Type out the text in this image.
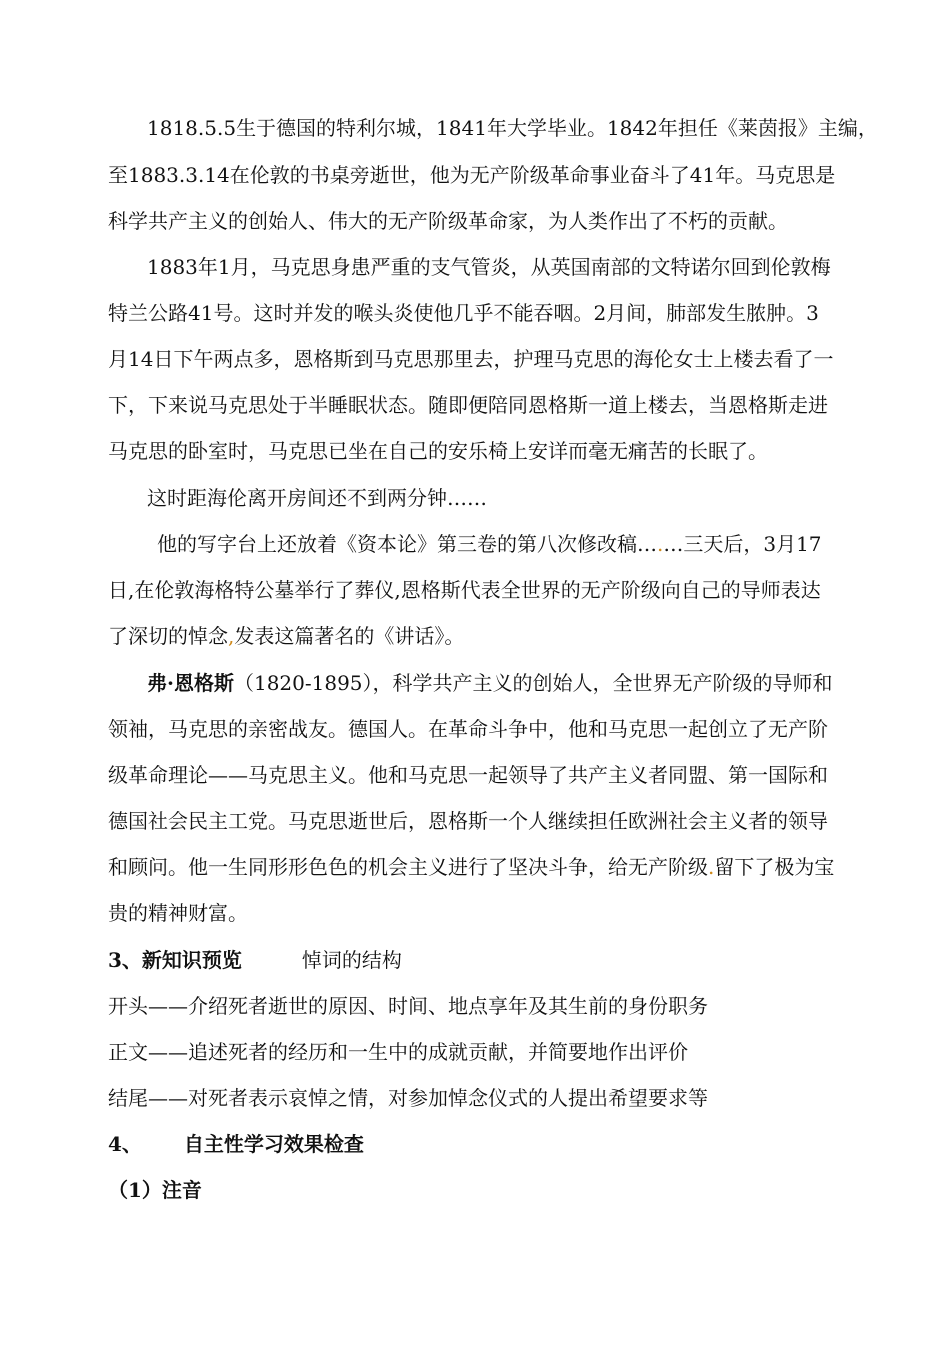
1818.5.5生于德国的特利尔城，1841年大学毕业。1842年担任《莱茵报》主编，
至1883.3.14在伦敦的书桌旁逝世，他为无产阶级革命事业奋斗了41年。马克思是
科学共产主义的创始人、伟大的无产阶级革命家，为人类作出了不朽的贡献。
1883年1月，马克思身患严重的支气管炎，从英国南部的文特诺尔回到伦敦梅
特兰公路41号。这时并发的喉头炎使他几乎不能吞咽。2月间，肺部发生脓肿。3
月14日下午两点多，恩格斯到马克思那里去，护理马克思的海伦女士上楼去看了一
下，下来说马克思处于半睡眠状态。随即便陪同恩格斯一道上楼去，当恩格斯走进
马克思的卧室时，马克思已坐在自己的安乐椅上安详而毫无痛苦的长眠了。
这时距海伦离开房间还不到两分钟……
他的写字台上还放着《资本论》第三卷的第八次修改稿….…三天后，3月17
日,在伦敦海格特公墓举行了葬仪,恩格斯代表全世界的无产阶级向自己的导师表达
了深切的悼念,发表这篇著名的《讲话》。
弗·恩格斯（1820-1895），科学共产主义的创始人，全世界无产阶级的导师和
领袖，马克思的亲密战友。德国人。在革命斗争中，他和马克思一起创立了无产阶
级革命理论——马克思主义。他和马克思一起领导了共产主义者同盟、第一国际和
德国社会民主工党。马克思逝世后，恩格斯一个人继续担任欧洲社会主义者的领导
和顾问。他一生同形形色色的机会主义进行了坚决斗争，给无产阶级.留下了极为宝
贵的精神财富。
3、新知识预览	悼词的结构
开头——介绍死者逝世的原因、时间、地点享年及其生前的身份职务
正文——追述死者的经历和一生中的成就贡献，并简要地作出评价
结尾——对死者表示哀悼之情，对参加悼念仪式的人提出希望要求等
4、 自主性学习效果检查
（1）注音
